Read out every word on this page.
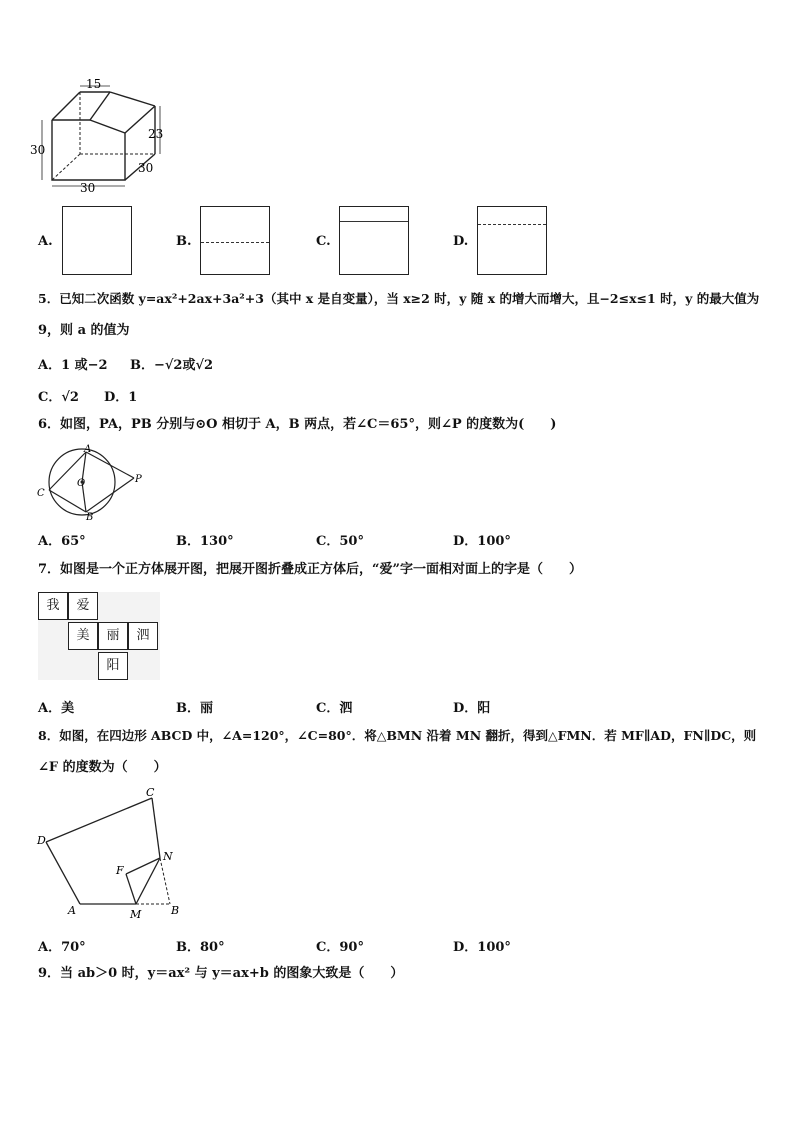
15
23
30
30
30
A.	B.	C.	D.
5．已知二次函数 y=ax²+2ax+3a²+3（其中 x 是自变量），当 x≥2 时，y 随 x 的增大而增大，且−2≤x≤1 时，y 的最大值为
9，则 a 的值为
A．1 或−2 B．−√2或√2
C．√2 D．1
6．如图，PA，PB 分别与⊙O 相切于 A，B 两点，若∠C＝65°，则∠P 的度数为(　　)
A
B
C
O	P
A．65°	B．130°	C．50°	D．100°
7．如图是一个正方体展开图，把展开图折叠成正方体后，“爱”字一面相对面上的字是（　　）
我	爱
美	丽	泗
阳
A．美	B．丽	C．泗	D．阳
8．如图，在四边形 ABCD 中，∠A=120°，∠C=80°．将△BMN 沿着 MN 翻折，得到△FMN．若 MF∥AD，FN∥DC，则
∠F 的度数为（　　）
C
D
N
F
A	M	B
A．70°	B．80°	C．90°	D．100°
9．当 ab＞0 时，y＝ax² 与 y＝ax+b 的图象大致是（　　）
